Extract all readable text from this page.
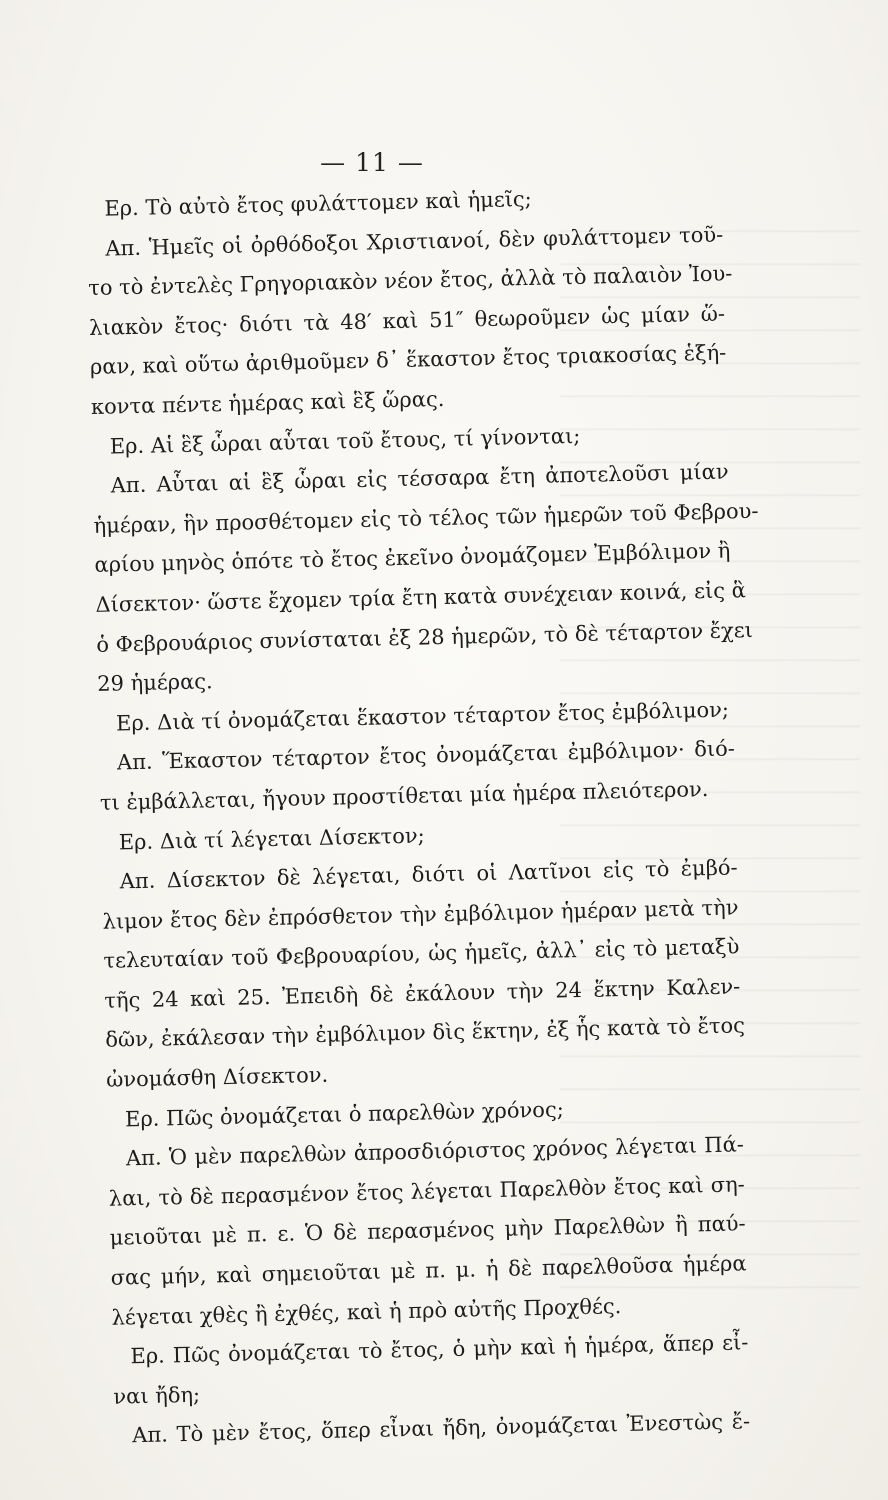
— 11 —
Ερ. Τὸ αὐτὸ ἔτος φυλάττομεν καὶ ἡμεῖς;
Απ. Ἡμεῖς οἱ ὀρθόδοξοι Χριστιανοί, δὲν φυλάττομεν τοῦ-
το τὸ ἐντελὲς Γρηγοριακὸν νέον ἔτος, ἀλλὰ τὸ παλαιὸν Ἰου-
λιακὸν ἔτος· διότι τὰ 48′ καὶ 51″ θεωροῦμεν ὡς μίαν ὥ-
ραν, καὶ οὕτω ἀριθμοῦμεν δ᾽ ἕκαστον ἔτος τριακοσίας ἑξή-
κοντα πέντε ἡμέρας καὶ ἓξ ὥρας.
Ερ. Αἱ ἓξ ὧραι αὗται τοῦ ἔτους, τί γίνονται;
Απ. Αὗται αἱ ἓξ ὧραι εἰς τέσσαρα ἔτη ἀποτελοῦσι μίαν
ἡμέραν, ἣν προσθέτομεν εἰς τὸ τέλος τῶν ἡμερῶν τοῦ Φεβρου-
αρίου μηνὸς ὁπότε τὸ ἔτος ἐκεῖνο ὀνομάζομεν Ἐμβόλιμον ἢ
Δίσεκτον· ὥστε ἔχομεν τρία ἔτη κατὰ συνέχειαν κοινά, εἰς ἃ
ὁ Φεβρουάριος συνίσταται ἐξ 28 ἡμερῶν, τὸ δὲ τέταρτον ἔχει
29 ἡμέρας.
Ερ. Διὰ τί ὀνομάζεται ἕκαστον τέταρτον ἔτος ἐμβόλιμον;
Απ. Ἕκαστον τέταρτον ἔτος ὀνομάζεται ἐμβόλιμον· διό-
τι ἐμβάλλεται, ἤγουν προστίθεται μία ἡμέρα πλειότερον.
Ερ. Διὰ τί λέγεται Δίσεκτον;
Απ. Δίσεκτον δὲ λέγεται, διότι οἱ Λατῖνοι εἰς τὸ ἐμβό-
λιμον ἔτος δὲν ἐπρόσθετον τὴν ἐμβόλιμον ἡμέραν μετὰ τὴν
τελευταίαν τοῦ Φεβρουαρίου, ὡς ἡμεῖς, ἀλλ᾽ εἰς τὸ μεταξὺ
τῆς 24 καὶ 25. Ἐπειδὴ δὲ ἐκάλουν τὴν 24 ἕκτην Καλεν-
δῶν, ἐκάλεσαν τὴν ἐμβόλιμον δὶς ἕκτην, ἐξ ἧς κατὰ τὸ ἔτος
ὠνομάσθη Δίσεκτον.
Ερ. Πῶς ὀνομάζεται ὁ παρελθὼν χρόνος;
Απ. Ὁ μὲν παρελθὼν ἀπροσδιόριστος χρόνος λέγεται Πά-
λαι, τὸ δὲ περασμένον ἔτος λέγεται Παρελθὸν ἔτος καὶ ση-
μειοῦται μὲ π. ε. Ὁ δὲ περασμένος μὴν Παρελθὼν ἢ παύ-
σας μήν, καὶ σημειοῦται μὲ π. μ. ἡ δὲ παρελθοῦσα ἡμέρα
λέγεται χθὲς ἢ ἐχθές, καὶ ἡ πρὸ αὐτῆς Προχθές.
Ερ. Πῶς ὀνομάζεται τὸ ἔτος, ὁ μὴν καὶ ἡ ἡμέρα, ἅπερ εἶ-
ναι ἤδη;
Απ. Τὸ μὲν ἔτος, ὅπερ εἶναι ἤδη, ὀνομάζεται Ἐνεστὼς ἔ-
